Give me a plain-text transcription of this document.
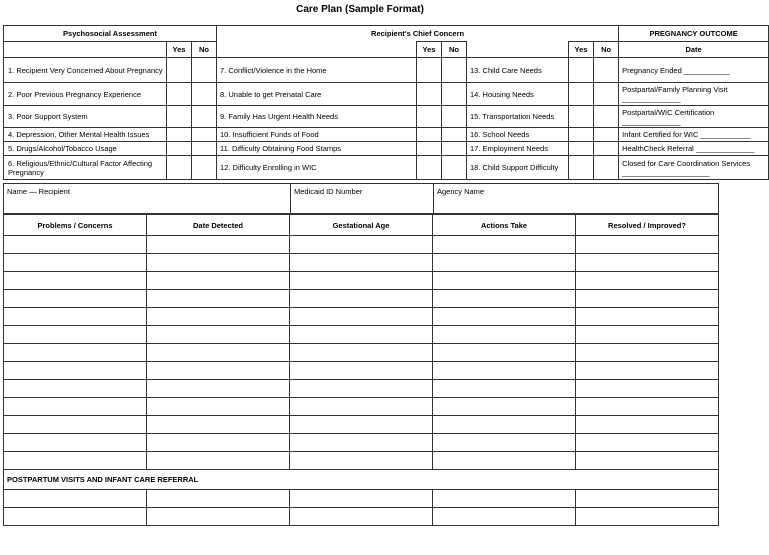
Care Plan (Sample Format)
Psychosocial Assessment			Recipient's Chief Concern						PREGNANCY OUTCOME
	Yes	No		Yes	No		Yes	No	Date
1. Recipient Very Concerned About Pregnancy			7. Conflict/Violence in the Home			13. Child Care Needs			Pregnancy Ended ___________
2. Poor Previous Pregnancy Experience			8. Unable to get Prenatal Care			14. Housing Needs			Postpartal/Family Planning Visit ______________
3. Poor Support System			9. Family Has Urgent Health Needs			15. Transportation Needs			Postpartal/WIC Certification ______________
4. Depression, Other Mental Health Issues			10. Insufficient Funds of Food			16. School Needs			Infant Certified for WIC ____________
5. Drugs/Alcohol/Tobacco Usage			11. Difficulty Obtaining Food Stamps			17. Employment Needs			HealthCheck Referral ______________
6. Religious/Ethnic/Cultural Factor Affecting Pregnancy			12. Difficulty Enrolling in WIC			18. Child Support Difficulty			Closed for Care Coordination Services _____________________
Name — Recipient	Medicaid ID Number	Agency Name
Problems / Concerns	Date Detected	Gestational Age	Actions Take	Resolved / Improved?

POSTPARTUM VISITS AND INFANT CARE REFERRAL				
